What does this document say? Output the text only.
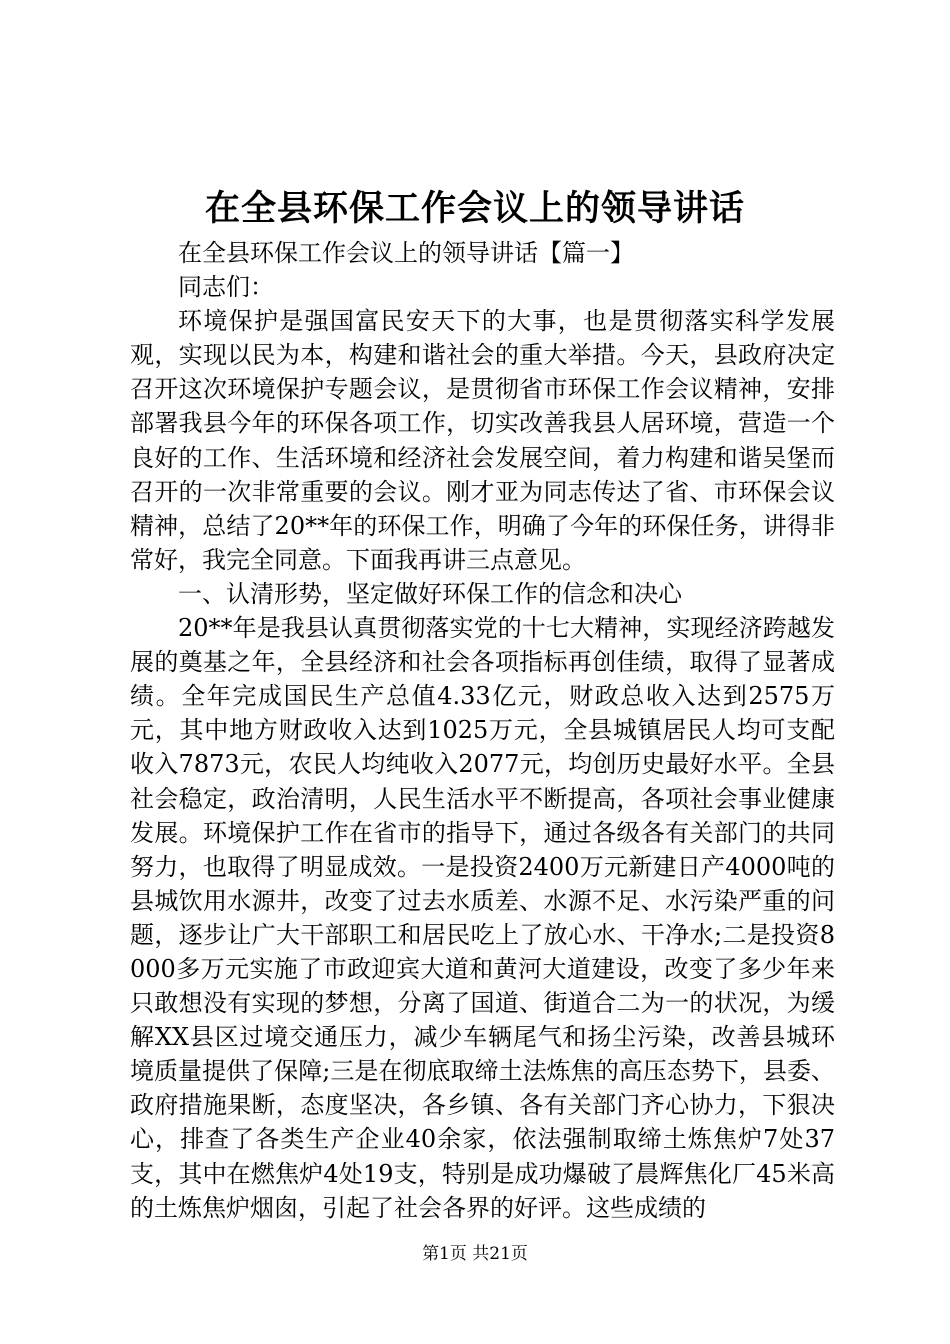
在全县环保工作会议上的领导讲话

在全县环保工作会议上的领导讲话【篇一】

同志们：

环境保护是强国富民安天下的大事，也是贯彻落实科学发展观，实现以民为本，构建和谐社会的重大举措。今天，县政府决定召开这次环境保护专题会议，是贯彻省市环保工作会议精神，安排部署我县今年的环保各项工作，切实改善我县人居环境，营造一个良好的工作、生活环境和经济社会发展空间，着力构建和谐吴堡而召开的一次非常重要的会议。刚才亚为同志传达了省、市环保会议精神，总结了20**年的环保工作，明确了今年的环保任务，讲得非常好，我完全同意。下面我再讲三点意见。

一、认清形势，坚定做好环保工作的信念和决心

20**年是我县认真贯彻落实党的十七大精神，实现经济跨越发展的奠基之年，全县经济和社会各项指标再创佳绩，取得了显著成绩。全年完成国民生产总值4.33亿元，财政总收入达到2575万元，其中地方财政收入达到1025万元，全县城镇居民人均可支配收入7873元，农民人均纯收入2077元，均创历史最好水平。全县社会稳定，政治清明，人民生活水平不断提高，各项社会事业健康发展。环境保护工作在省市的指导下，通过各级各有关部门的共同努力，也取得了明显成效。一是投资2400万元新建日产4000吨的县城饮用水源井，改变了过去水质差、水源不足、水污染严重的问题，逐步让广大干部职工和居民吃上了放心水、干净水;二是投资8000多万元实施了市政迎宾大道和黄河大道建设，改变了多少年来只敢想没有实现的梦想，分离了国道、街道合二为一的状况，为缓解XX县区过境交通压力，减少车辆尾气和扬尘污染，改善县城环境质量提供了保障;三是在彻底取缔土法炼焦的高压态势下，县委、政府措施果断，态度坚决，各乡镇、各有关部门齐心协力，下狠决心，排查了各类生产企业40余家，依法强制取缔土炼焦炉7处37支，其中在燃焦炉4处19支，特别是成功爆破了晨辉焦化厂45米高的土炼焦炉烟囱，引起了社会各界的好评。这些成绩的

第1页 共21页
